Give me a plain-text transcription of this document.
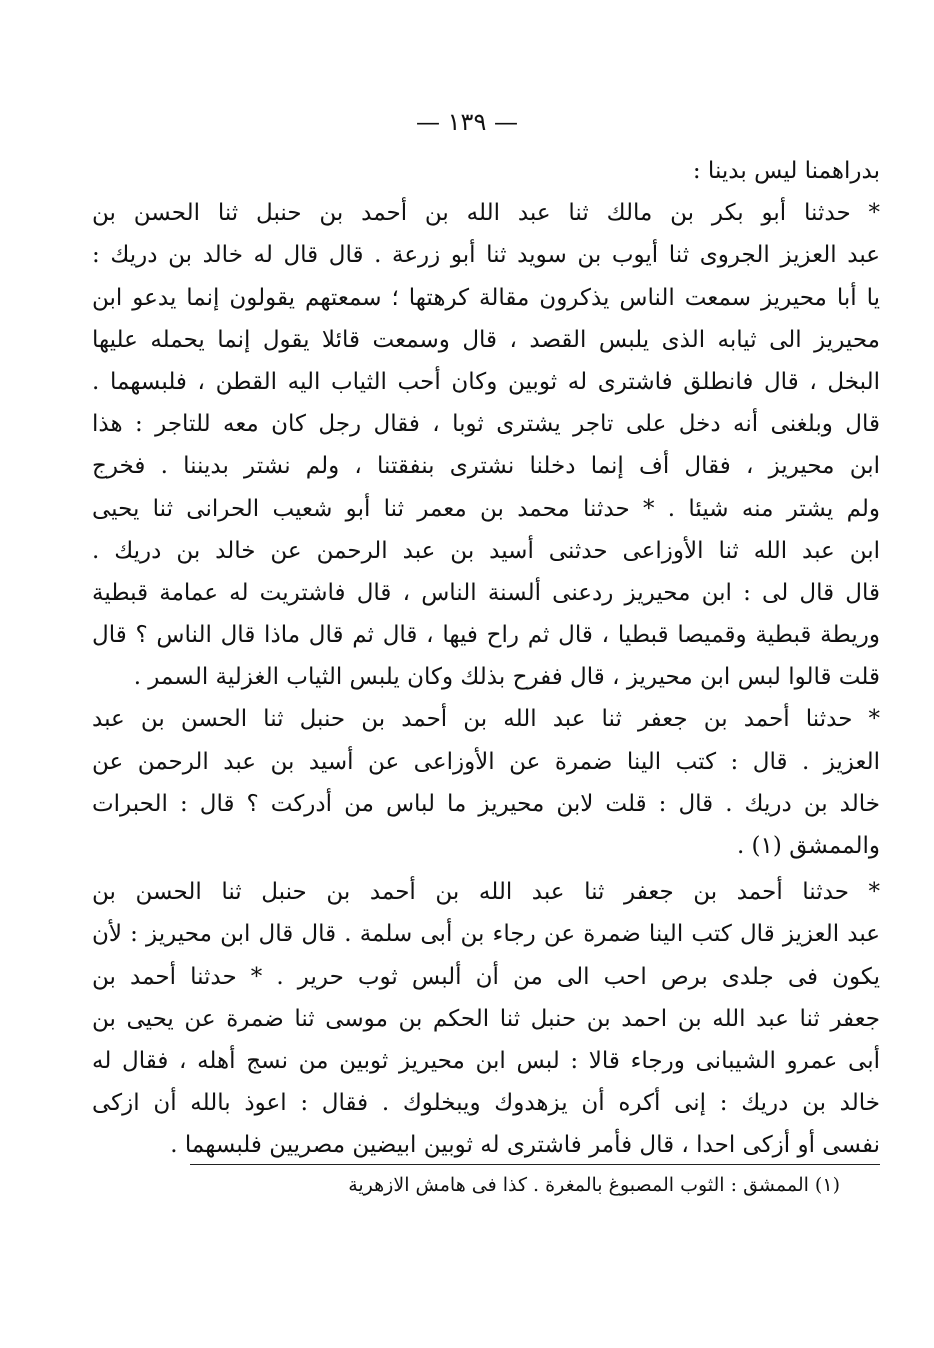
— ١٣٩ —
بدراهمنا ليس بدينا :
* حدثنا أبو بكر بن مالك ثنا عبد الله بن أحمد بن حنبل ثنا الحسن بن
عبد العزيز الجروى ثنا أيوب بن سويد ثنا أبو زرعة . قال قال له خالد بن دريك :
يا أبا محيريز سمعت الناس يذكرون مقالة كرهتها ؛ سمعتهم يقولون إنما يدعو ابن
محيريز الى ثيابه الذى يلبس القصد ، قال وسمعت قائلا يقول إنما يحمله عليها
البخل ، قال فانطلق فاشترى له ثوبين وكان أحب الثياب اليه القطن ، فلبسهما .
قال وبلغنى أنه دخل على تاجر يشترى ثوبا ، فقال رجل كان معه للتاجر : هذا
ابن محيريز ، فقال أف إنما دخلنا نشترى بنفقتنا ، ولم نشتر بديننا . فخرج
ولم يشتر منه شيئا . * حدثنا محمد بن معمر ثنا أبو شعيب الحرانى ثنا يحيى
ابن عبد الله ثنا الأوزاعى حدثنى أسيد بن عبد الرحمن عن خالد بن دريك .
قال قال لى : ابن محيريز ردعنى ألسنة الناس ، قال فاشتريت له عمامة قبطية
وريطة قبطية وقميصا قبطيا ، قال ثم راح فيها ، قال ثم قال ماذا قال الناس ؟ قال
قلت قالوا لبس ابن محيريز ، قال ففرح بذلك وكان يلبس الثياب الغزلية السمر .
* حدثنا أحمد بن جعفر ثنا عبد الله بن أحمد بن حنبل ثنا الحسن بن عبد
العزيز . قال : كتب الينا ضمرة عن الأوزاعى عن أسيد بن عبد الرحمن عن
خالد بن دريك . قال : قلت لابن محيريز ما لباس من أدركت ؟ قال : الحبرات
والممشق (١) .
* حدثنا أحمد بن جعفر ثنا عبد الله بن أحمد بن حنبل ثنا الحسن بن
عبد العزيز قال كتب الينا ضمرة عن رجاء بن أبى سلمة . قال قال ابن محيريز : لأن
يكون فى جلدى برص احب الى من أن ألبس ثوب حرير . * حدثنا أحمد بن
جعفر ثنا عبد الله بن احمد بن حنبل ثنا الحكم بن موسى ثنا ضمرة عن يحيى بن
أبى عمرو الشيبانى ورجاء قالا : لبس ابن محيريز ثوبين من نسج أهله ، فقال له
خالد بن دريك : إنى أكره أن يزهدوك ويبخلوك . فقال : اعوذ بالله أن ازكى
نفسى أو أزكى احدا ، قال فأمر فاشترى له ثوبين ابيضين مصريين فلبسهما .
(١) الممشق : الثوب المصبوغ بالمغرة . كذا فى هامش الازهرية
